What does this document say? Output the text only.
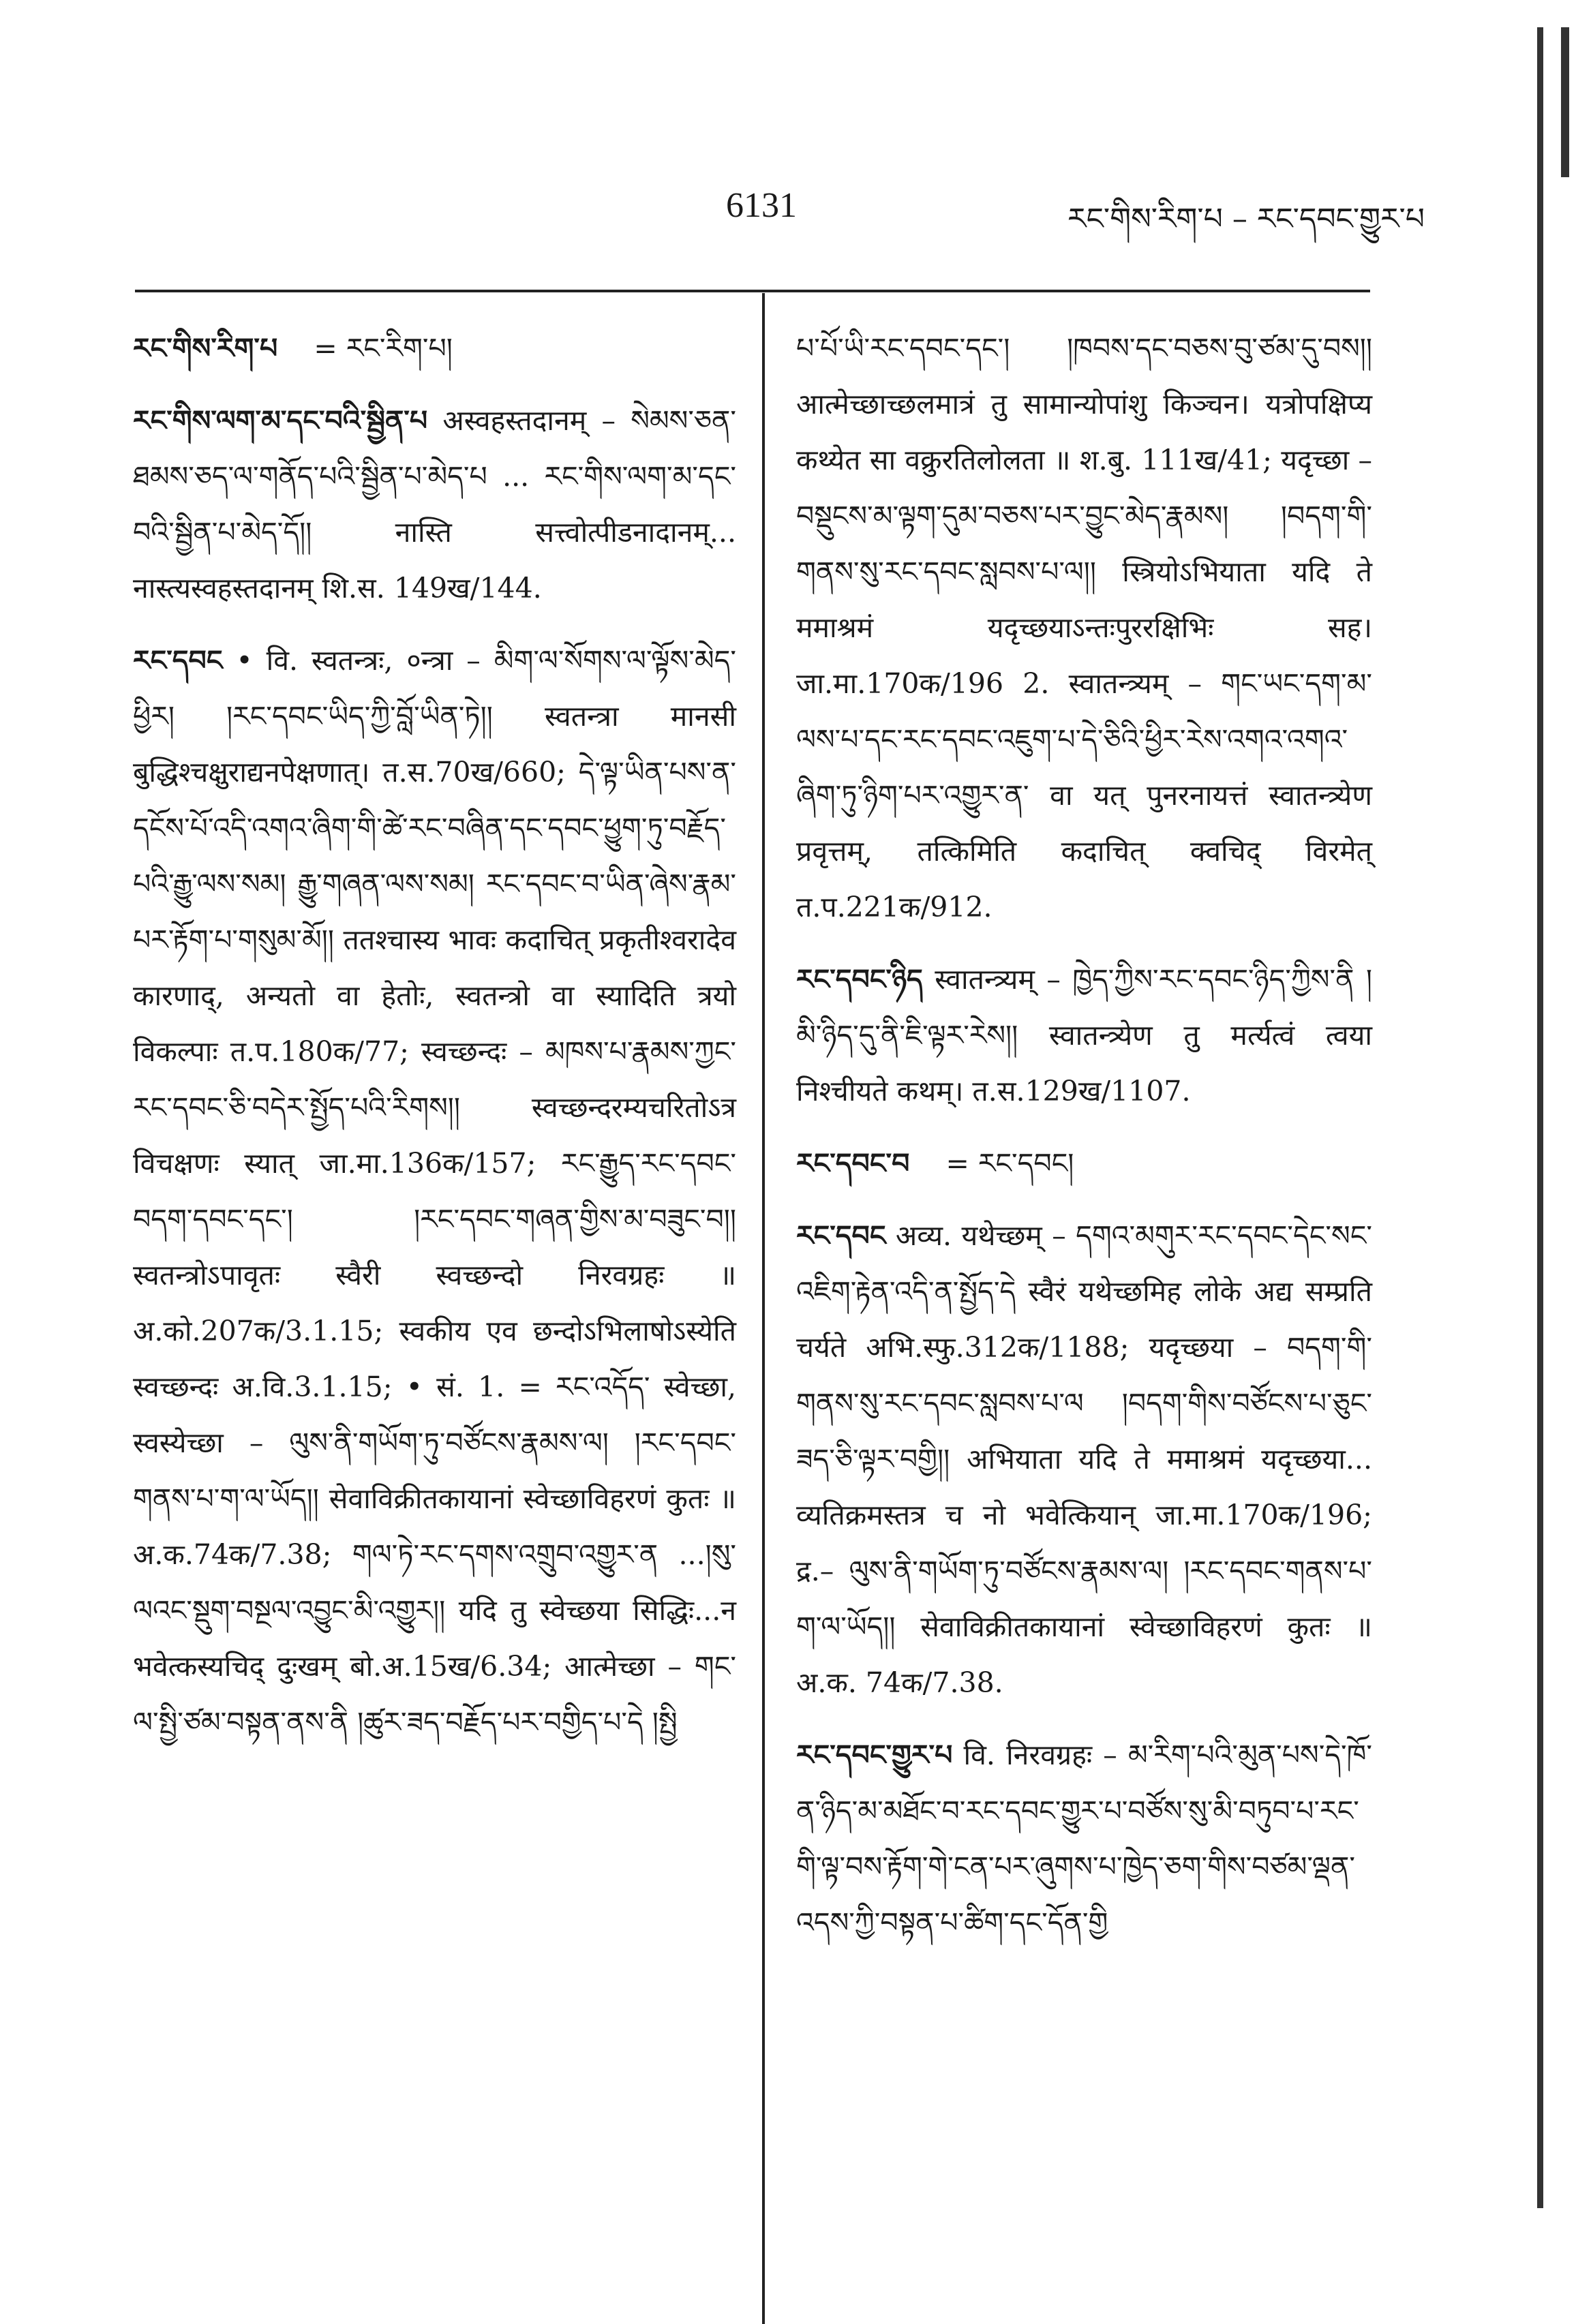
6131	རང་གིས་རིག་པ – རང་དབང་གྱུར་པ

རང་གིས་རིག་པ = རང་རིག་པ།

རང་གིས་ལག་མ་དང་བའི་སྦྱིན་པ अस्वहस्तदानम् – སེམས་ཅན་ཐམས་ཅད་ལ་གནོད་པའི་སྦྱིན་པ་མེད་པ ... རང་གིས་ལག་མ་དང་བའི་སྦྱིན་པ་མེད་དོ།། नास्ति सत्त्वोत्पीडनादानम्... नास्त्यस्वहस्तदानम् शि.स. 149ख/144.

རང་དབང • वि. स्वतन्त्रः, ०न्त्रा – མིག་ལ་སོགས་ལ་ལྟོས་མེད་ཕྱིར། །རང་དབང་ཡིད་ཀྱི་བློ་ཡིན་ཏེ།། स्वतन्त्रा मानसी बुद्धिश्चक्षुराद्यनपेक्षणात्। त.स.70ख/660; དེ་ལྟ་ཡིན་པས་ན་དངོས་པོ་འདི་འགའ་ཞིག་གི་ཚེ་རང་བཞིན་དང་དབང་ཕྱུག་ཏུ་བརྗོད་པའི་རྒྱུ་ལས་སམ། རྒྱུ་གཞན་ལས་སམ། རང་དབང་བ་ཡིན་ཞེས་རྣམ་པར་རྟོག་པ་གསུམ་མོ།། ततश्चास्य भावः कदाचित् प्रकृतीश्वरादेव कारणाद्, अन्यतो वा हेतोः, स्वतन्त्रो वा स्यादिति त्रयो विकल्पाः त.प.180क/77; स्वच्छन्दः – མཁས་པ་རྣམས་ཀྱང་རང་དབང་ཅི་བདེར་སྤྱོད་པའི་རིགས།། स्वच्छन्दरम्यचरितोऽत्र विचक्षणः स्यात् जा.मा.136क/157; རང་རྒྱུད་རང་དབང་བདག་དབང་དང་། །རང་དབང་གཞན་གྱིས་མ་བཟུང་བ།། स्वतन्त्रोऽपावृतः स्वैरी स्वच्छन्दो निरवग्रहः ॥ अ.को.207क/3.1.15; स्वकीय एव छन्दोऽभिलाषोऽस्येति स्वच्छन्दः अ.वि.3.1.15; • सं. 1. = རང་འདོད་ स्वेच्छा, स्वस्येच्छा – ལུས་ནི་གཡོག་ཏུ་བཙོངས་རྣམས་ལ། །རང་དབང་གནས་པ་ག་ལ་ཡོད།། सेवाविक्रीतकायानां स्वेच्छाविहरणं कुतः ॥ अ.क.74क/7.38; གལ་ཏེ་རང་དགས་འགྲུབ་འགྱུར་ན ...།སུ་ལའང་སྡུག་བསྔལ་འབྱུང་མི་འགྱུར།། यदि तु स्वेच्छया सिद्धिः...न भवेत्कस्यचिद् दुःखम् बो.अ.15ख/6.34; आत्मेच्छा – གང་ལ་སྤྱི་ཙམ་བསྟན་ནས་ནི །ཚུར་ཟད་བརྗོད་པར་བགྱིད་པ་དེ །སྤྱི

པ་པོ་ཡི་རང་དབང་དང་། །ཁབས་དང་བཅས་བུ་ཙམ་དུ་བས།། आत्मेच्छाच्छलमात्रं तु सामान्योपांशु किञ्चन। यत्रोपक्षिप्य कथ्येत सा वक्रुरतिलोलता ॥ श.बु. 111ख/41; यदृच्छा – བསྡུངས་མ་ལྟག་དུམ་བཅས་པར་བྱུང་མེད་རྣམས། །བདག་གི་གནས་སུ་རང་དབང་སླབས་པ་ལ།། स्त्रियोऽभियाता यदि ते ममाश्रमं यदृच्छयाऽन्तःपुररक्षिभिः सह। जा.मा.170क/196 2. स्वातन्त्र्यम् – གང་ཡང་དག་མ་ལས་པ་དང་རང་དབང་འཇུག་པ་དེ་ཅིའི་ཕྱིར་རེས་འགའ་འགའ་ཞིག་ཏུ་ཉིག་པར་འགྱུར་ན་ वा यत् पुनरनायत्तं स्वातन्त्र्येण प्रवृत्तम्, तत्किमिति कदाचित् क्वचिद् विरमेत् त.प.221क/912.

རང་དབང་ཉིད स्वातन्त्र्यम् – ཁྱེད་ཀྱིས་རང་དབང་ཉིད་ཀྱིས་ནི །མི་ཉིད་དུ་ནི་ཇི་ལྟར་རེས།། स्वातन्त्र्येण तु मर्त्यत्वं त्वया निश्चीयते कथम्। त.स.129ख/1107.

རང་དབང་བ = རང་དབང།

རང་དབང अव्य. यथेच्छम् – དགའ་མགུར་རང་དབང་དེང་སང་འཇིག་རྟེན་འདི་ན་སྤྱོད་དེ स्वैरं यथेच्छमिह लोके अद्य सम्प्रति चर्यते अभि.स्फु.312क/1188; यदृच्छया – བདག་གི་གནས་སུ་རང་དབང་སླབས་པ་ལ །བདག་གིས་བཙོངས་པ་ཅུང་ཟད་ཅི་ལྟར་བགྱི།། अभियाता यदि ते ममाश्रमं यदृच्छया... व्यतिक्रमस्तत्र च नो भवेत्कियान् जा.मा.170क/196; द्र.– ལུས་ནི་གཡོག་ཏུ་བཙོངས་རྣམས་ལ། །རང་དབང་གནས་པ་ག་ལ་ཡོད།། सेवाविक्रीतकायानां स्वेच्छाविहरणं कुतः ॥ अ.क. 74क/7.38.

རང་དབང་གྱུར་པ वि. निरवग्रहः – མ་རིག་པའི་མུན་པས་དེ་ཁོ་ན་ཉིད་མ་མཐོང་བ་རང་དབང་གྱུར་པ་བཙོས་སུ་མི་བཏུབ་པ་རང་གི་ལྟ་བས་རྟོག་གེ་ངན་པར་ཞུགས་པ་ཁྱེད་ཅག་གིས་བཙམ་ལྡན་འདས་ཀྱི་བསྟན་པ་ཚིག་དང་དོན་གྱི
